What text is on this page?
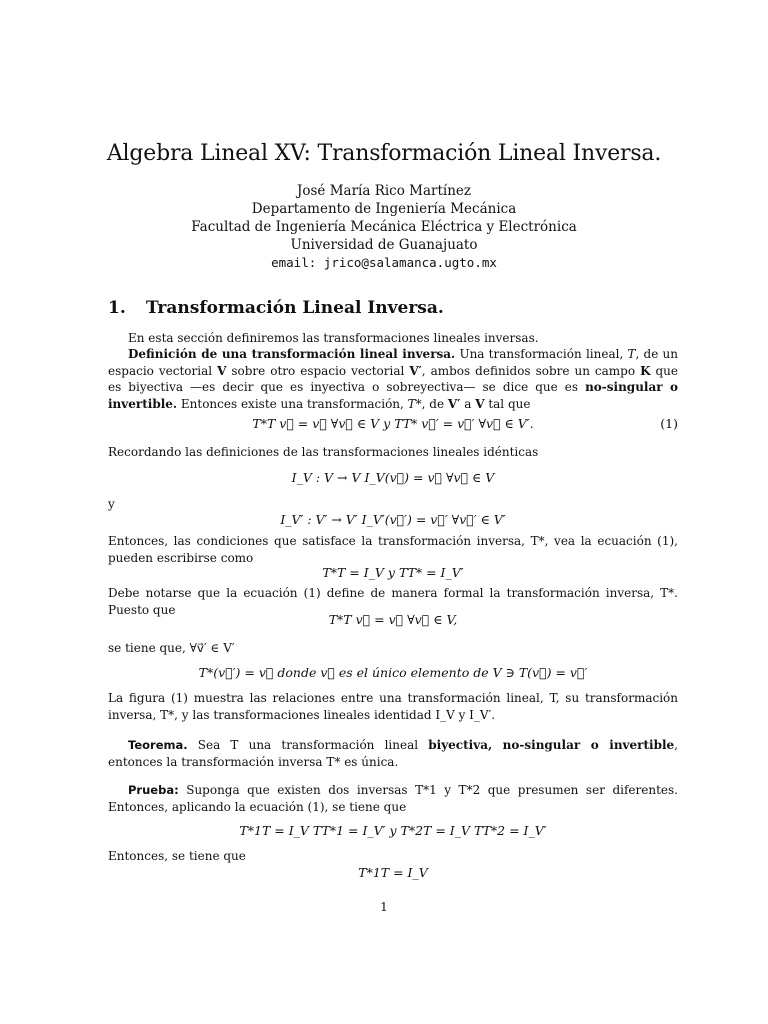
Algebra Lineal XV: Transformación Lineal Inversa.
José María Rico Martínez
Departamento de Ingeniería Mecánica
Facultad de Ingeniería Mecánica Eléctrica y Electrónica
Universidad de Guanajuato
email: jrico@salamanca.ugto.mx
1. Transformación Lineal Inversa.
En esta sección definiremos las transformaciones lineales inversas.
Definición de una transformación lineal inversa. Una transformación lineal, T, de un espacio vectorial V sobre otro espacio vectorial V′, ambos definidos sobre un campo K que es biyectiva —es decir que es inyectiva o sobreyectiva— se dice que es no-singular o invertible. Entonces existe una transformación, T*, de V′ a V tal que
T*T v⃗ = v⃗ ∀v⃗ ∈ V y TT* v⃗′ = v⃗′ ∀v⃗ ∈ V′.	(1)
Recordando las definiciones de las transformaciones lineales idénticas
I_V : V → V I_V(v⃗) = v⃗ ∀v⃗ ∈ V
y
I_V′ : V′ → V′ I_V′(v⃗′) = v⃗′ ∀v⃗′ ∈ V′
Entonces, las condiciones que satisface la transformación inversa, T*, vea la ecuación (1), pueden escribirse como
T*T = I_V y TT* = I_V′
Debe notarse que la ecuación (1) define de manera formal la transformación inversa, T*. Puesto que
T*T v⃗ = v⃗ ∀v⃗ ∈ V,
se tiene que, ∀v⃗′ ∈ V′
T*(v⃗′) = v⃗ donde v⃗ es el único elemento de V ∋ T(v⃗) = v⃗′
La figura (1) muestra las relaciones entre una transformación lineal, T, su transformación inversa, T*, y las transformaciones lineales identidad I_V y I_V′.
Teorema. Sea T una transformación lineal biyectiva, no-singular o invertible, entonces la transformación inversa T* es única.
Prueba: Suponga que existen dos inversas T*1 y T*2 que presumen ser diferentes. Entonces, aplicando la ecuación (1), se tiene que
T*1T = I_V TT*1 = I_V′ y T*2T = I_V TT*2 = I_V′
Entonces, se tiene que
T*1T = I_V
1
